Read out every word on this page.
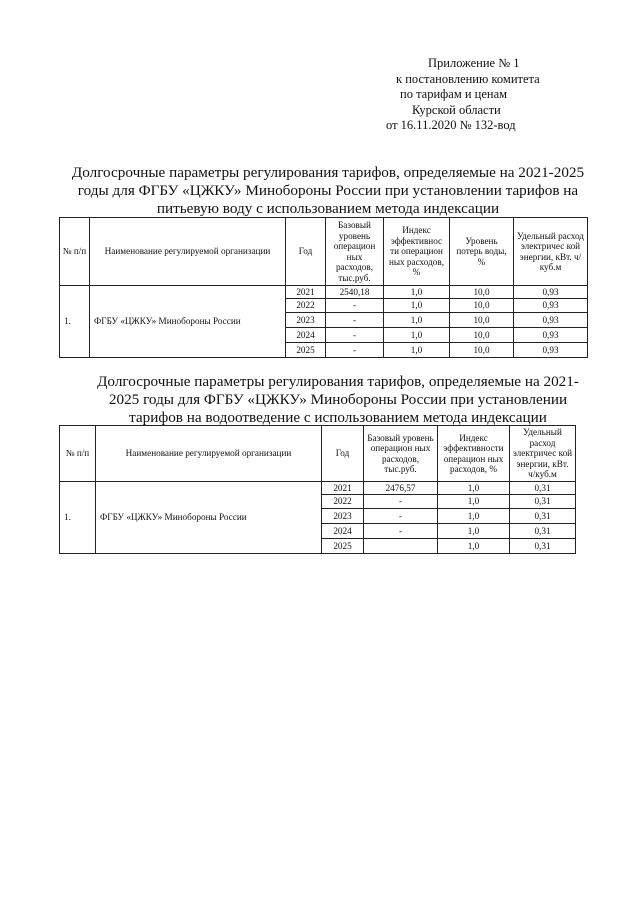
Приложение № 1
к постановлению комитета
по тарифам и ценам
Курской области
от 16.11.2020 № 132-вод
Долгосрочные параметры регулирования тарифов, определяемые на 2021-2025 годы для ФГБУ «ЦЖКУ» Минобороны России при установлении тарифов на питьевую воду с использованием метода индексации
№ п/п	Наименование регулируемой организации	Год	Базовый уровень операцион ных расходов, тыс.руб.	Индекс эффективнос ти операцион ных расходов, %	Уровень потерь воды, %	Удельный расход электричес кой энергии, кВт. ч/куб.м
1.	ФГБУ «ЦЖКУ» Минобороны России	2021	2540,18	1,0	10,0	0,93
		2022	-	1,0	10,0	0,93
		2023	-	1,0	10,0	0,93
		2024	-	1,0	10,0	0,93
		2025	-	1,0	10,0	0,93
Долгосрочные параметры регулирования тарифов, определяемые на 2021-2025 годы для ФГБУ «ЦЖКУ» Минобороны России при установлении тарифов на водоотведение с использованием метода индексации
№ п/п	Наименование регулируемой организации	Год	Базовый уровень операцион ных расходов, тыс.руб.	Индекс эффективности операцион ных расходов, %	Удельный расход электричес кой энергии, кВт. ч/куб.м
1.	ФГБУ «ЦЖКУ» Минобороны России	2021	2476,57	1,0	0,31
		2022	-	1,0	0,31
		2023	-	1,0	0,31
		2024	-	1,0	0,31
		2025		1,0	0,31
